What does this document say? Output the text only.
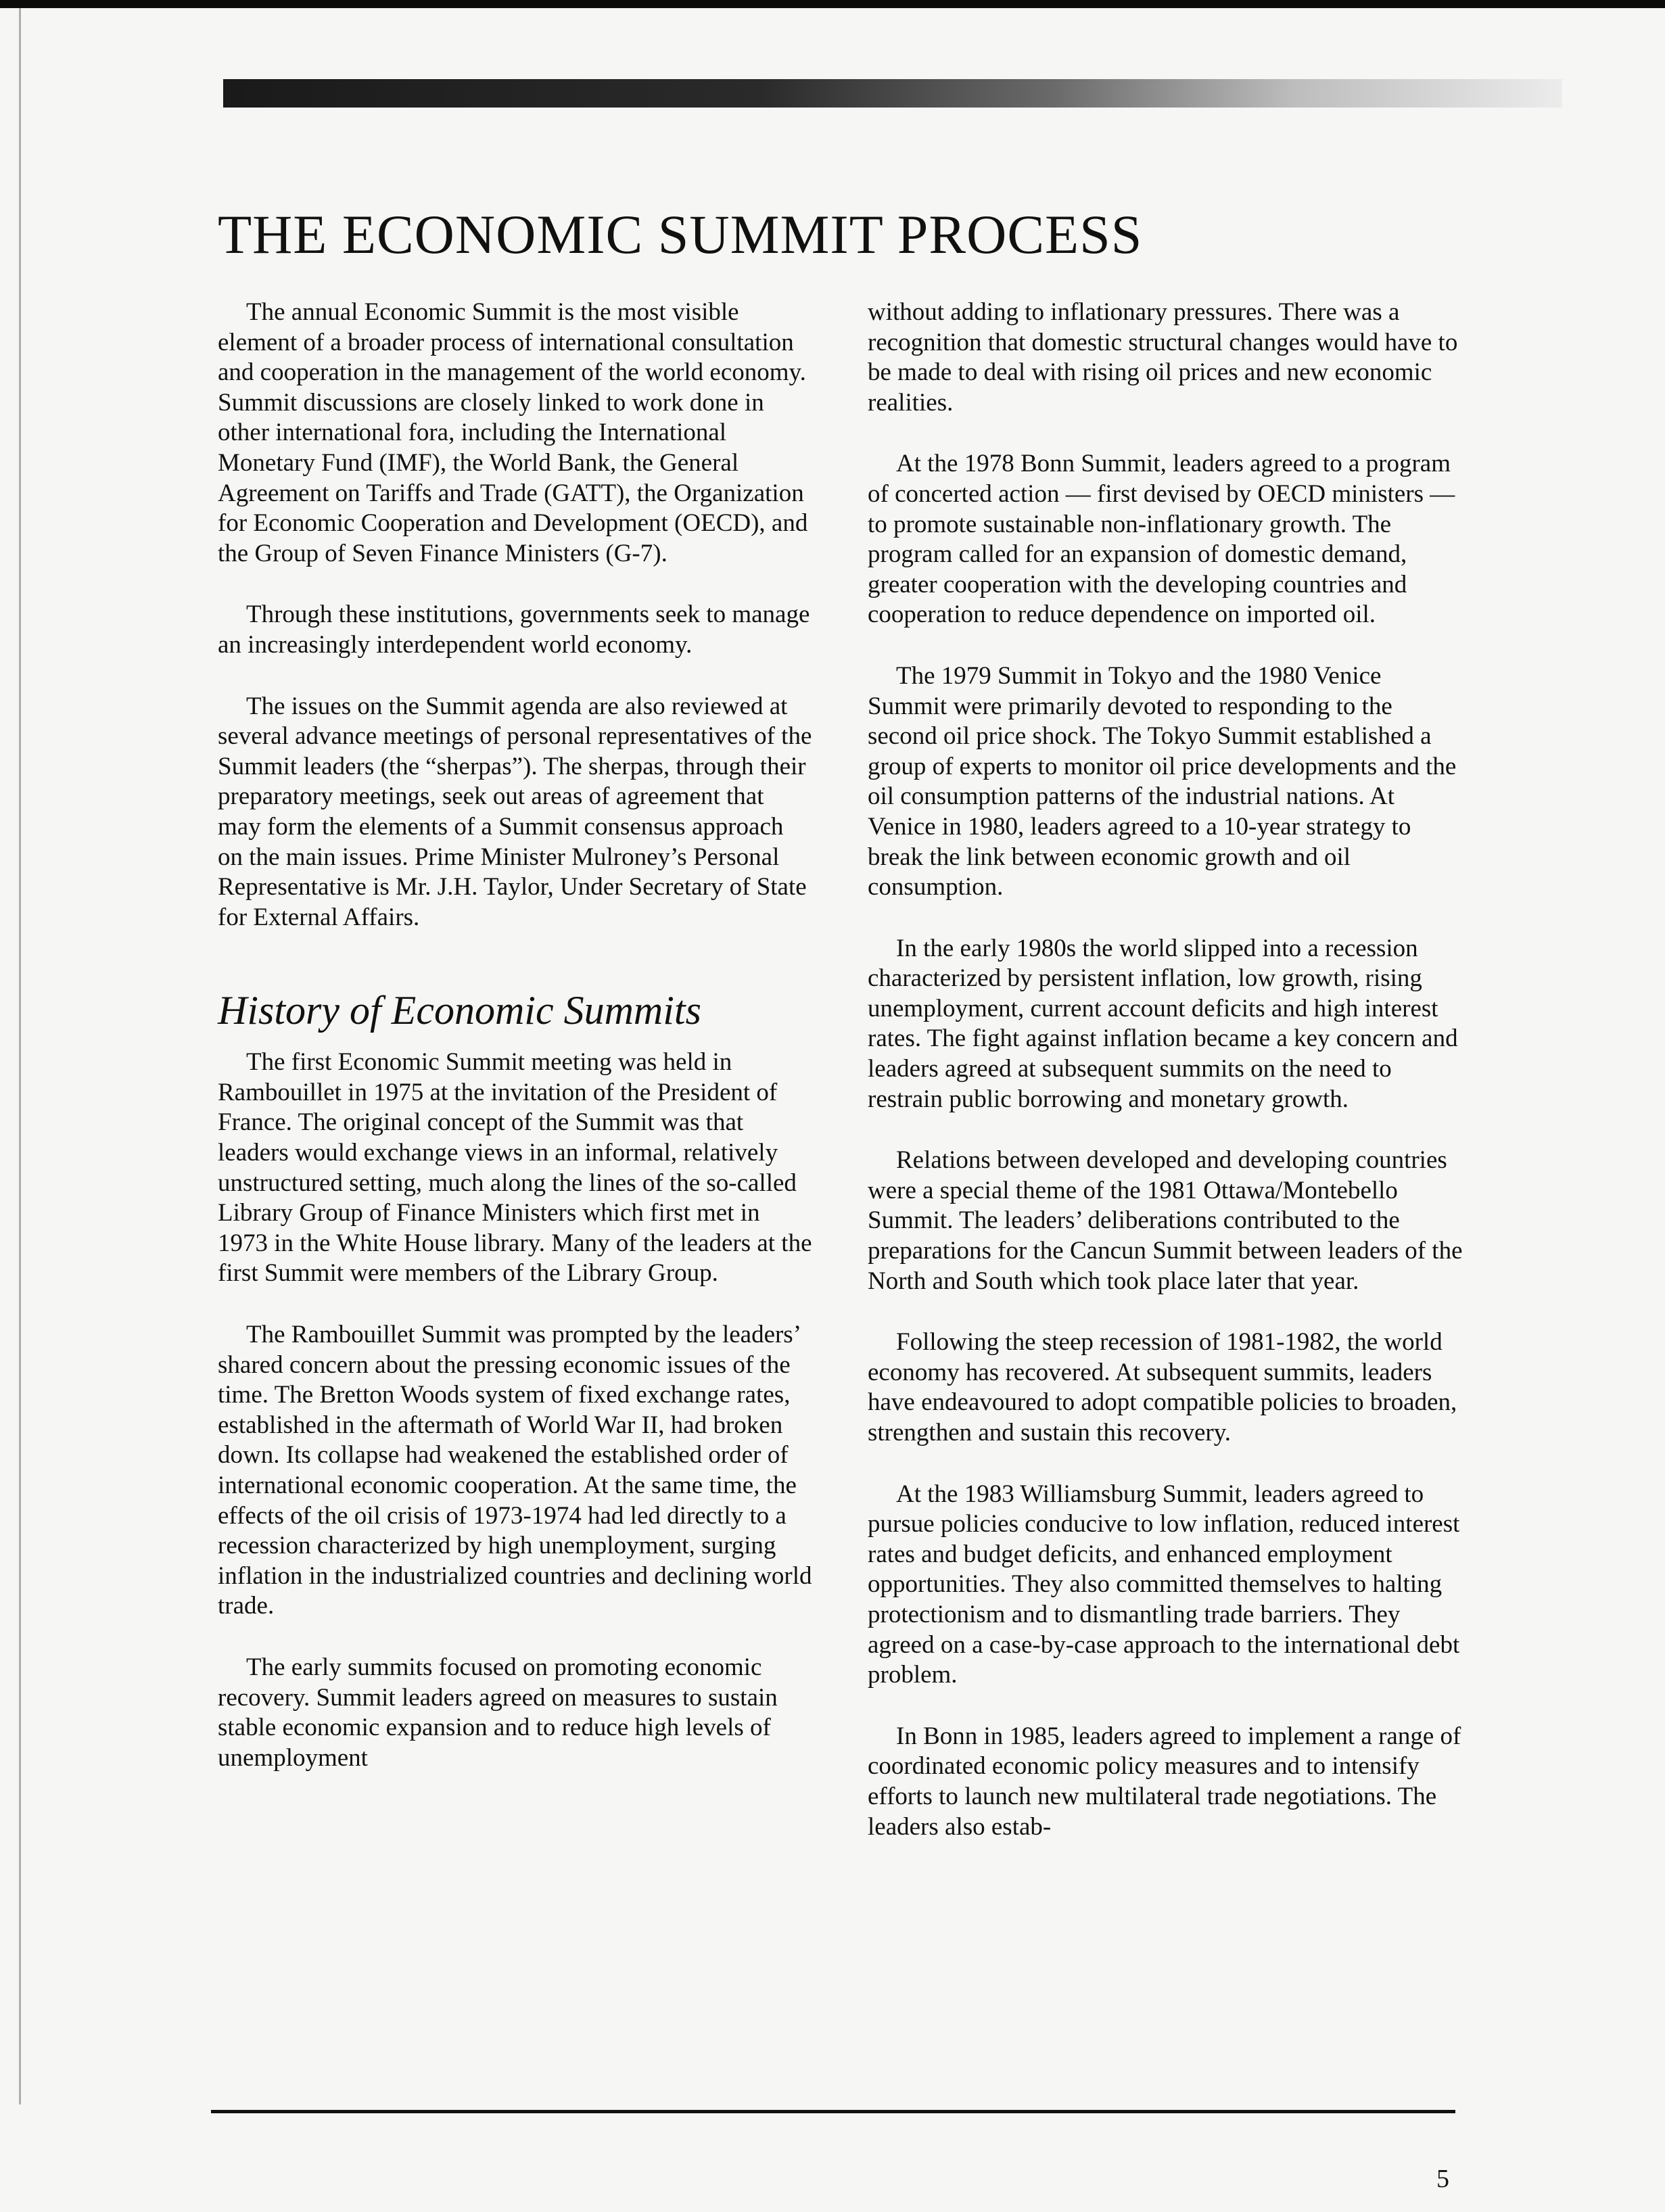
THE ECONOMIC SUMMIT PROCESS

The annual Economic Summit is the most visible element of a broader process of international consultation and cooperation in the management of the world economy. Summit discussions are closely linked to work done in other international fora, including the International Monetary Fund (IMF), the World Bank, the General Agreement on Tariffs and Trade (GATT), the Organization for Economic Cooperation and Development (OECD), and the Group of Seven Finance Ministers (G-7).

Through these institutions, governments seek to manage an increasingly interdependent world economy.

The issues on the Summit agenda are also reviewed at several advance meetings of personal representatives of the Summit leaders (the “sherpas”). The sherpas, through their preparatory meetings, seek out areas of agreement that may form the elements of a Summit consensus approach on the main issues. Prime Minister Mulroney’s Personal Representative is Mr. J.H. Taylor, Under Secretary of State for External Affairs.

History of Economic Summits

The first Economic Summit meeting was held in Rambouillet in 1975 at the invitation of the President of France. The original concept of the Summit was that leaders would exchange views in an informal, relatively unstructured setting, much along the lines of the so-called Library Group of Finance Ministers which first met in 1973 in the White House library. Many of the leaders at the first Summit were members of the Library Group.

The Rambouillet Summit was prompted by the leaders’ shared concern about the pressing economic issues of the time. The Bretton Woods system of fixed exchange rates, established in the aftermath of World War II, had broken down. Its collapse had weakened the established order of international economic cooperation. At the same time, the effects of the oil crisis of 1973-1974 had led directly to a recession characterized by high unemployment, surging inflation in the industrialized countries and declining world trade.

The early summits focused on promoting economic recovery. Summit leaders agreed on measures to sustain stable economic expansion and to reduce high levels of unemployment

without adding to inflationary pressures. There was a recognition that domestic structural changes would have to be made to deal with rising oil prices and new economic realities.

At the 1978 Bonn Summit, leaders agreed to a program of concerted action — first devised by OECD ministers — to promote sustainable non-inflationary growth. The program called for an expansion of domestic demand, greater cooperation with the developing countries and cooperation to reduce dependence on imported oil.

The 1979 Summit in Tokyo and the 1980 Venice Summit were primarily devoted to responding to the second oil price shock. The Tokyo Summit established a group of experts to monitor oil price developments and the oil consumption patterns of the industrial nations. At Venice in 1980, leaders agreed to a 10-year strategy to break the link between economic growth and oil consumption.

In the early 1980s the world slipped into a recession characterized by persistent inflation, low growth, rising unemployment, current account deficits and high interest rates. The fight against inflation became a key concern and leaders agreed at subsequent summits on the need to restrain public borrowing and monetary growth.

Relations between developed and developing countries were a special theme of the 1981 Ottawa/Montebello Summit. The leaders’ deliberations contributed to the preparations for the Cancun Summit between leaders of the North and South which took place later that year.

Following the steep recession of 1981-1982, the world economy has recovered. At subsequent summits, leaders have endeavoured to adopt compatible policies to broaden, strengthen and sustain this recovery.

At the 1983 Williamsburg Summit, leaders agreed to pursue policies conducive to low inflation, reduced interest rates and budget deficits, and enhanced employment opportunities. They also committed themselves to halting protectionism and to dismantling trade barriers. They agreed on a case-by-case approach to the international debt problem.

In Bonn in 1985, leaders agreed to implement a range of coordinated economic policy measures and to intensify efforts to launch new multilateral trade negotiations. The leaders also estab-

5
